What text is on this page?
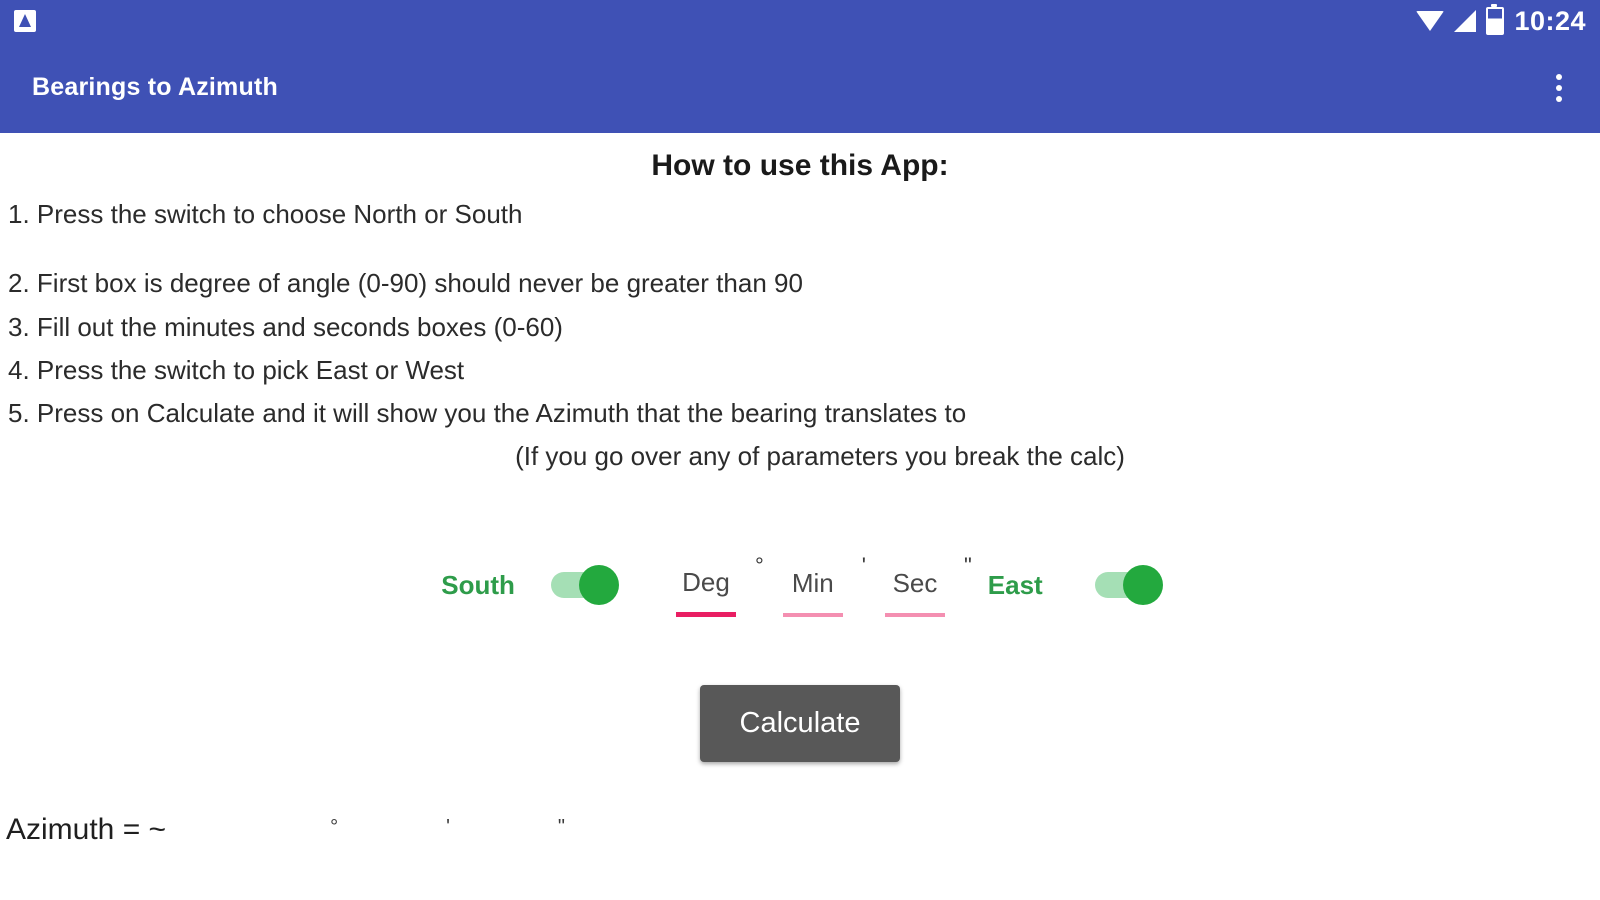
10:24
Bearings to Azimuth
How to use this App:
1. Press the switch to choose North or South
2. First box is degree of angle (0-90) should never be greater than 90
3. Fill out the minutes and seconds boxes (0-60)
4. Press the switch to pick East or West
5. Press on Calculate and it will show you the Azimuth that the bearing translates to
(If you go over any of parameters you break the calc)
South	Deg
°
Min
'
Sec
"
East
Calculate
Azimuth = ~	°	'	"
